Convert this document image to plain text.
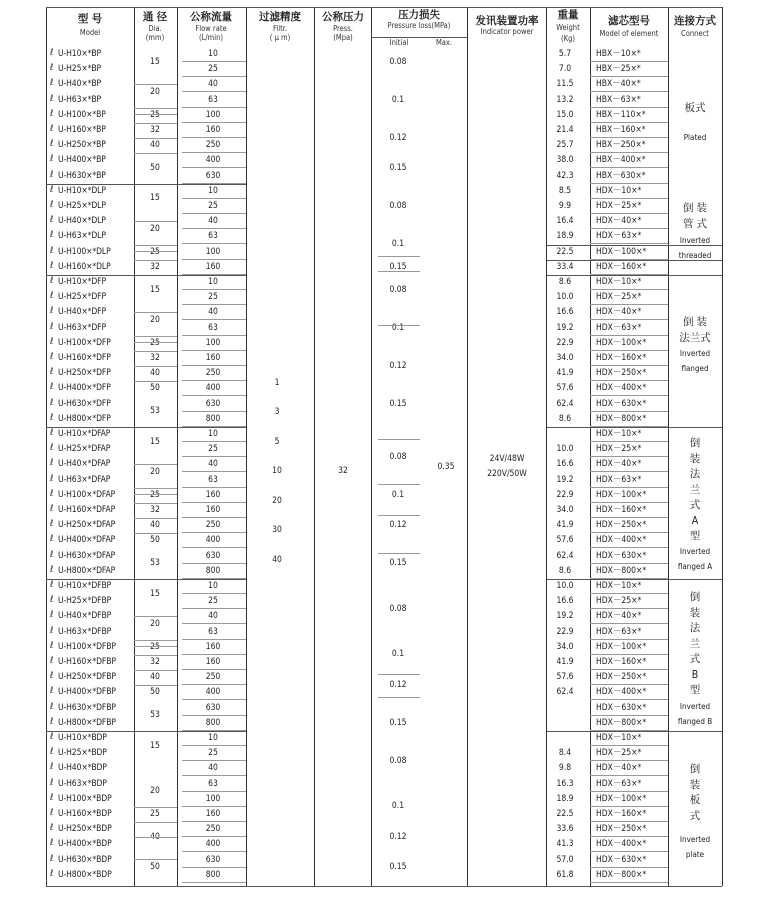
型 号
Model
通 径
Dia.
(mm)
公称流量
Flow rate
(L/min)
过滤精度
Filtr.
( μ m)
公称压力
Press.
(Mpa)
压力损失
Pressure loss(MPa)
Initial	Max.
发讯装置功率
Indicator power
重量
Weight
(Kg)
滤芯型号
Model of element
连接方式
Connect
ℓ U-H10×*BP
ℓ U-H25×*BP
ℓ U-H40×*BP
ℓ U-H63×*BP
ℓ U-H100×*BP
ℓ U-H160×*BP
ℓ U-H250×*BP
ℓ U-H400×*BP
ℓ U-H630×*BP
ℓ U-H10×*DLP
ℓ U-H25×*DLP
ℓ U-H40×*DLP
ℓ U-H63×*DLP
ℓ U-H100×*DLP
ℓ U-H160×*DLP
ℓ U-H10×*DFP
ℓ U-H25×*DFP
ℓ U-H40×*DFP
ℓ U-H63×*DFP
ℓ U-H100×*DFP
ℓ U-H160×*DFP
ℓ U-H250×*DFP
ℓ U-H400×*DFP
ℓ U-H630×*DFP
ℓ U-H800×*DFP
ℓ U-H10×*DFAP
ℓ U-H25×*DFAP
ℓ U-H40×*DFAP
ℓ U-H63×*DFAP
ℓ U-H100×*DFAP
ℓ U-H160×*DFAP
ℓ U-H250×*DFAP
ℓ U-H400×*DFAP
ℓ U-H630×*DFAP
ℓ U-H800×*DFAP
ℓ U-H10×*DFBP
ℓ U-H25×*DFBP
ℓ U-H40×*DFBP
ℓ U-H63×*DFBP
ℓ U-H100×*DFBP
ℓ U-H160×*DFBP
ℓ U-H250×*DFBP
ℓ U-H400×*DFBP
ℓ U-H630×*DFBP
ℓ U-H800×*DFBP
ℓ U-H10×*BDP
ℓ U-H25×*BDP
ℓ U-H40×*BDP
ℓ U-H63×*BDP
ℓ U-H100×*BDP
ℓ U-H160×*BDP
ℓ U-H250×*BDP
ℓ U-H400×*BDP
ℓ U-H630×*BDP
ℓ U-H800×*BDP
10
25
40
63
100
160
250
400
630
10
25
40
63
100
160
10
25
40
63
100
160
250
400
630
800
10
25
40
63
160
160
250
400
630
800
10
25
40
63
160
160
250
400
630
800
10
25
40
63
100
160
250
400
630
800
5.7
7.0
11.5
13.2
15.0
21.4
25.7
38.0
42.3
8.5
9.9
16.4
18.9
22.5
33.4
8.6
10.0
16.6
19.2
22.9
34.0
41.9
57.6
62.4
8.6
10.0
16.6
19.2
22.9
34.0
41.9
57.6
62.4
8.6
10.0
16.6
19.2
22.9
34.0
41.9
57.6
62.4
8.4
9.8
16.3
18.9
22.5
33.6
41.3
57.0
61.8
HBX－10×*
HBX－25×*
HBX－40×*
HBX－63×*
HBX－110×*
HBX－160×*
HBX－250×*
HBX－400×*
HBX－630×*
HDX－10×*
HDX－25×*
HDX－40×*
HDX－63×*
HDX－100×*
HDX－160×*
HDX－10×*
HDX－25×*
HDX－40×*
HDX－63×*
HDX－100×*
HDX－160×*
HDX－250×*
HDX－400×*
HDX－630×*
HDX－800×*
HDX－10×*
HDX－25×*
HDX－40×*
HDX－63×*
HDX－100×*
HDX－160×*
HDX－250×*
HDX－400×*
HDX－630×*
HDX－800×*
HDX－10×*
HDX－25×*
HDX－40×*
HDX－63×*
HDX－100×*
HDX－160×*
HDX－250×*
HDX－400×*
HDX－630×*
HDX－800×*
HDX－10×*
HDX－25×*
HDX－40×*
HDX－63×*
HDX－100×*
HDX－160×*
HDX－250×*
HDX－400×*
HDX－630×*
HDX－800×*
15
20
25
32
40
50
15
20
25
32
15
20
25
32
40
50
53
15
20
25
32
40
50
53
15
20
25
32
40
50
53
15
20
25
40
50
1
3
5
10
20
30
40
32
0.08
0.1
0.12
0.15
0.08
0.1
0.15
0.08
0.1
0.12
0.15
0.08
0.1
0.12
0.15
0.08
0.1
0.12
0.15
0.08
0.1
0.12
0.15
0.35
24V/48W
220V/50W
板式
Plated
倒 装
管 式
Inverted
threaded
倒 装
法兰式
Inverted
flanged
倒
装
法
兰
式
A
型
Inverted
flanged A
倒
装
法
兰
式
B
型
Inverted
flanged B
倒
装
板
式
Inverted
plate
